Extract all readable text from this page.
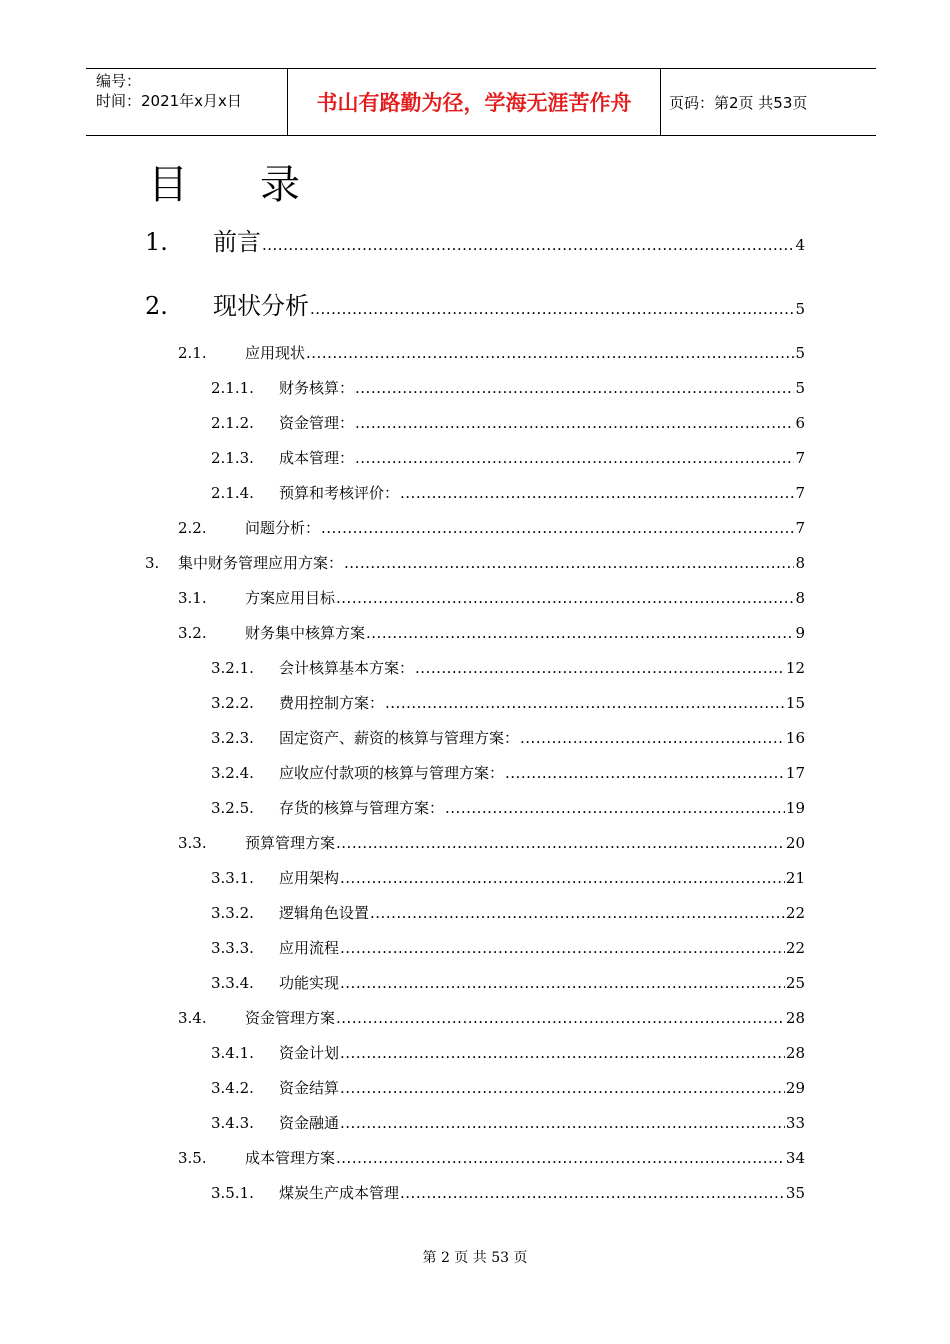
编号：
时间：2021年x月x日	书山有路勤为径，学海无涯苦作舟	页码：第2页 共53页
目 录
1.	前言 .....	4
2.	现状分析 .....	5
2.1.	应用现状 .....	5
2.1.1.	财务核算： .....	5
2.1.2.	资金管理： .....	6
2.1.3.	成本管理： .....	7
2.1.4.	预算和考核评价： .....	7
2.2.	问题分析： .....	7
3.	集中财务管理应用方案： .....	8
3.1.	方案应用目标 .....	8
3.2.	财务集中核算方案 .....	9
3.2.1.	会计核算基本方案： .....	12
3.2.2.	费用控制方案： .....	15
3.2.3.	固定资产、薪资的核算与管理方案： .....	16
3.2.4.	应收应付款项的核算与管理方案： .....	17
3.2.5.	存货的核算与管理方案： .....	19
3.3.	预算管理方案 .....	20
3.3.1.	应用架构 .....	21
3.3.2.	逻辑角色设置 .....	22
3.3.3.	应用流程 .....	22
3.3.4.	功能实现 .....	25
3.4.	资金管理方案 .....	28
3.4.1.	资金计划 .....	28
3.4.2.	资金结算 .....	29
3.4.3.	资金融通 .....	33
3.5.	成本管理方案 .....	34
3.5.1.	煤炭生产成本管理 .....	35
第 2 页 共 53 页
